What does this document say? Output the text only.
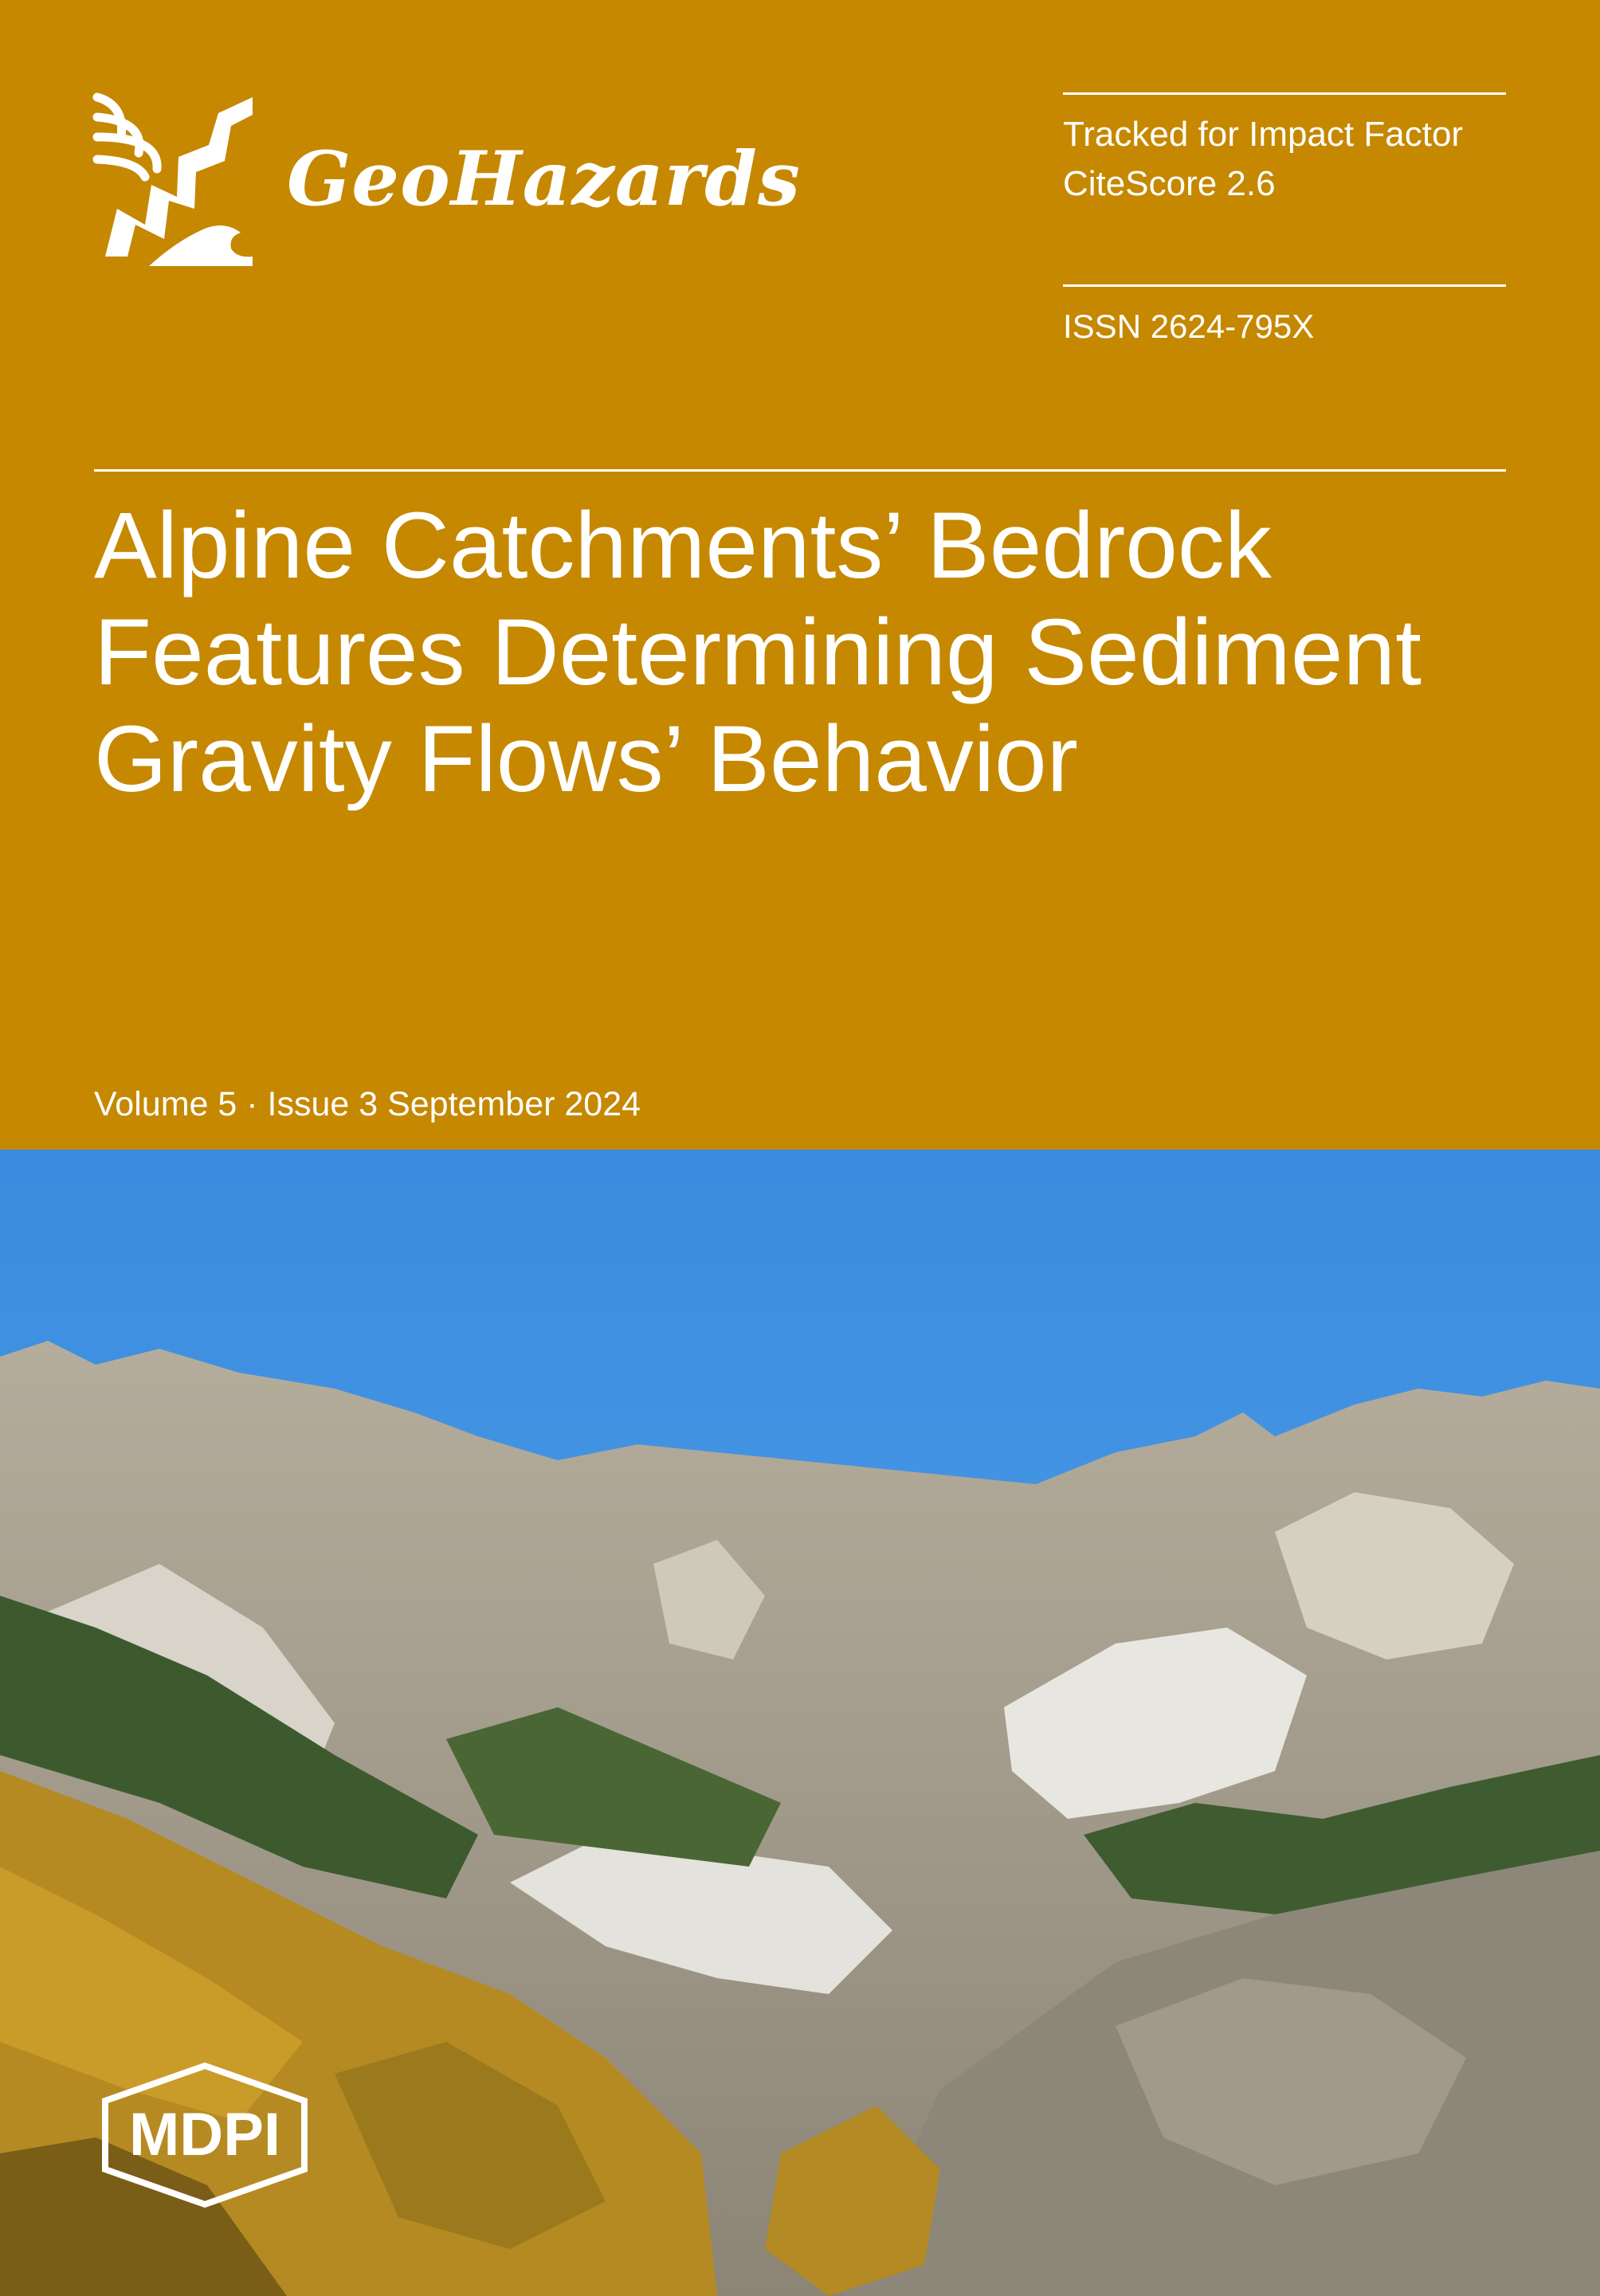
GeoHazards
Tracked for Impact Factor
CiteScore 2.6
ISSN 2624-795X
Alpine Catchments’ Bedrock
Features Determining Sediment
Gravity Flows’ Behavior
Volume 5 · Issue 3 September 2024
MDPI
